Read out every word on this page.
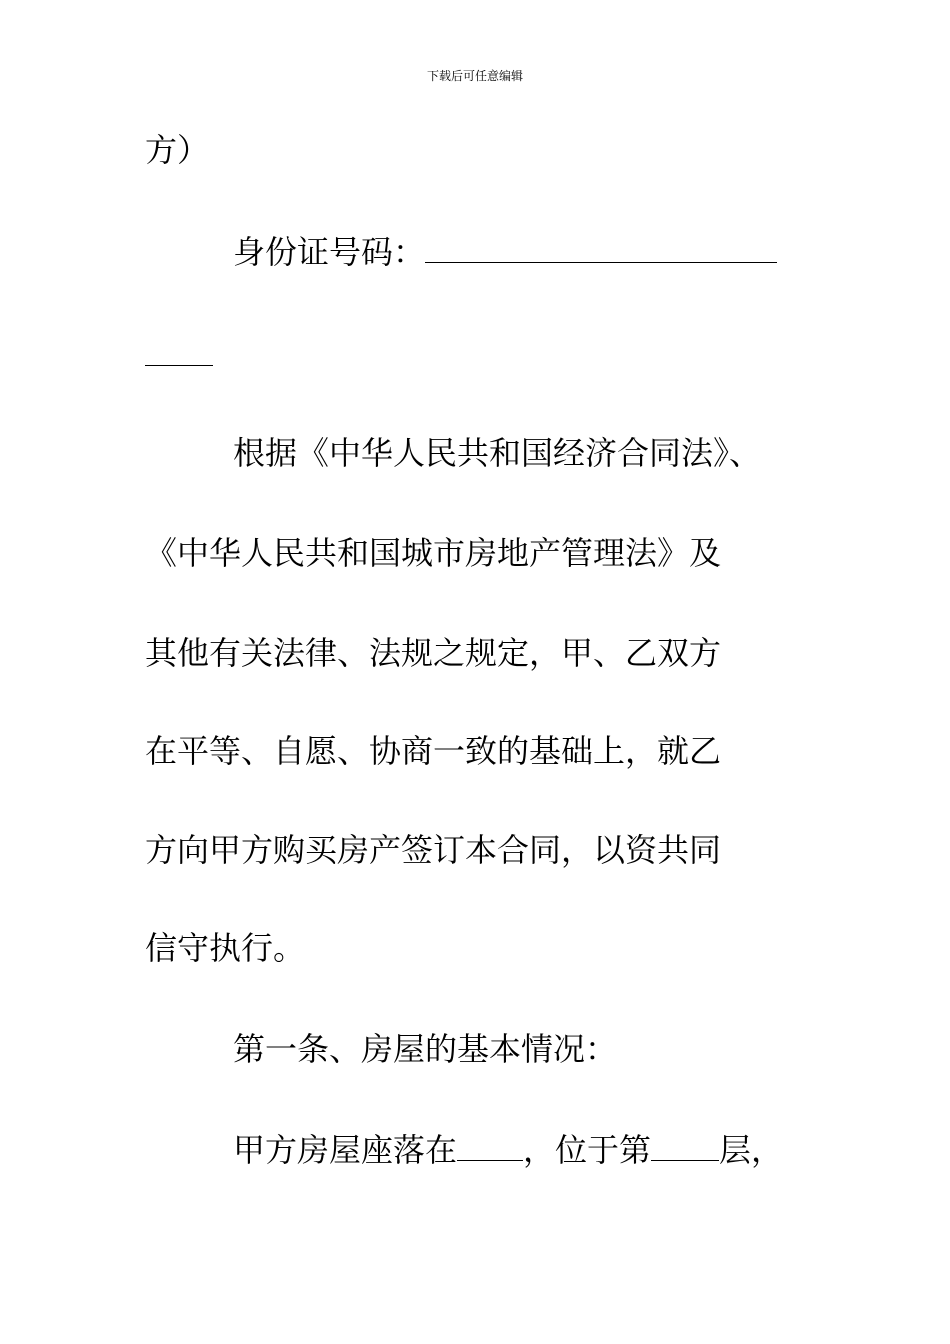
下载后可任意编辑
方）
身份证号码：
根据《中华人民共和国经济合同法》、
《中华人民共和国城市房地产管理法》及
其他有关法律、法规之规定，甲、乙双方
在平等、自愿、协商一致的基础上，就乙
方向甲方购买房产签订本合同，以资共同
信守执行。
第一条、房屋的基本情况：
甲方房屋座落在 ，位于第 层，
